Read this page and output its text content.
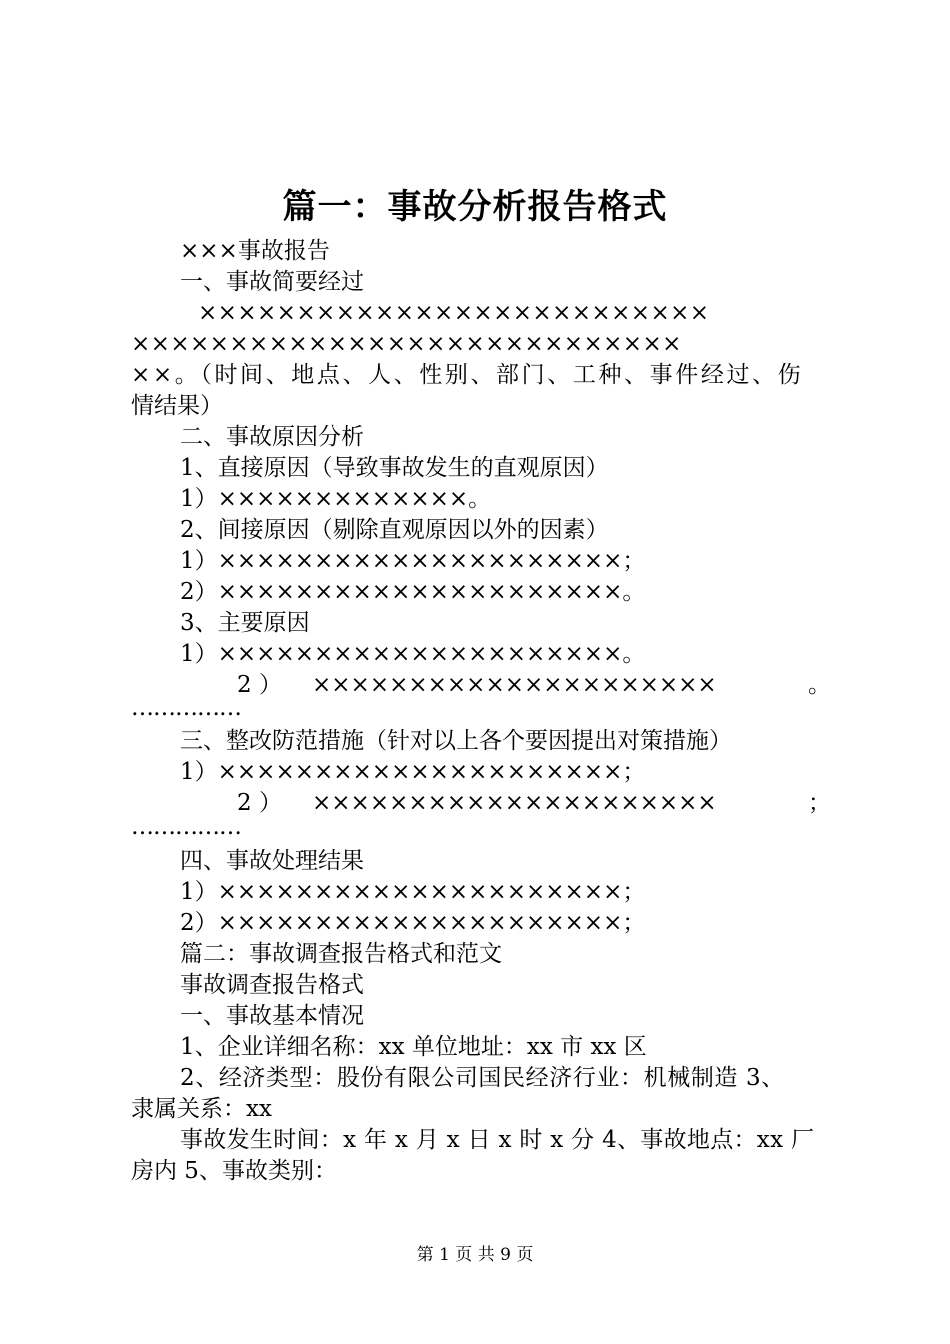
篇一：事故分析报告格式
×××事故报告
一、事故简要经过
××××××××××××××××××××××××××
××××××××××××××××××××××××××××
××。（时间、地点、人、性别、部门、工种、事件经过、伤
情结果）
二、事故原因分析
1、直接原因（导致事故发生的直观原因）
1）×××××××××××××。
2、间接原因（剔除直观原因以外的因素）
1）×××××××××××××××××××××；
2）×××××××××××××××××××××。
3、主要原因
1）×××××××××××××××××××××。
2 ） ×××××××××××××××××××××	。
……………
三、整改防范措施（针对以上各个要因提出对策措施）
1）×××××××××××××××××××××；
2 ） ×××××××××××××××××××××	；
……………
四、事故处理结果
1）×××××××××××××××××××××；
2）×××××××××××××××××××××；
篇二：事故调查报告格式和范文
事故调查报告格式
一、事故基本情况
1、企业详细名称：xx 单位地址：xx 市 xx 区
2、经济类型：股份有限公司国民经济行业：机械制造 3、
隶属关系：xx
事故发生时间：x 年 x 月 x 日 x 时 x 分 4、事故地点：xx 厂
房内 5、事故类别：
第 1 页 共 9 页
